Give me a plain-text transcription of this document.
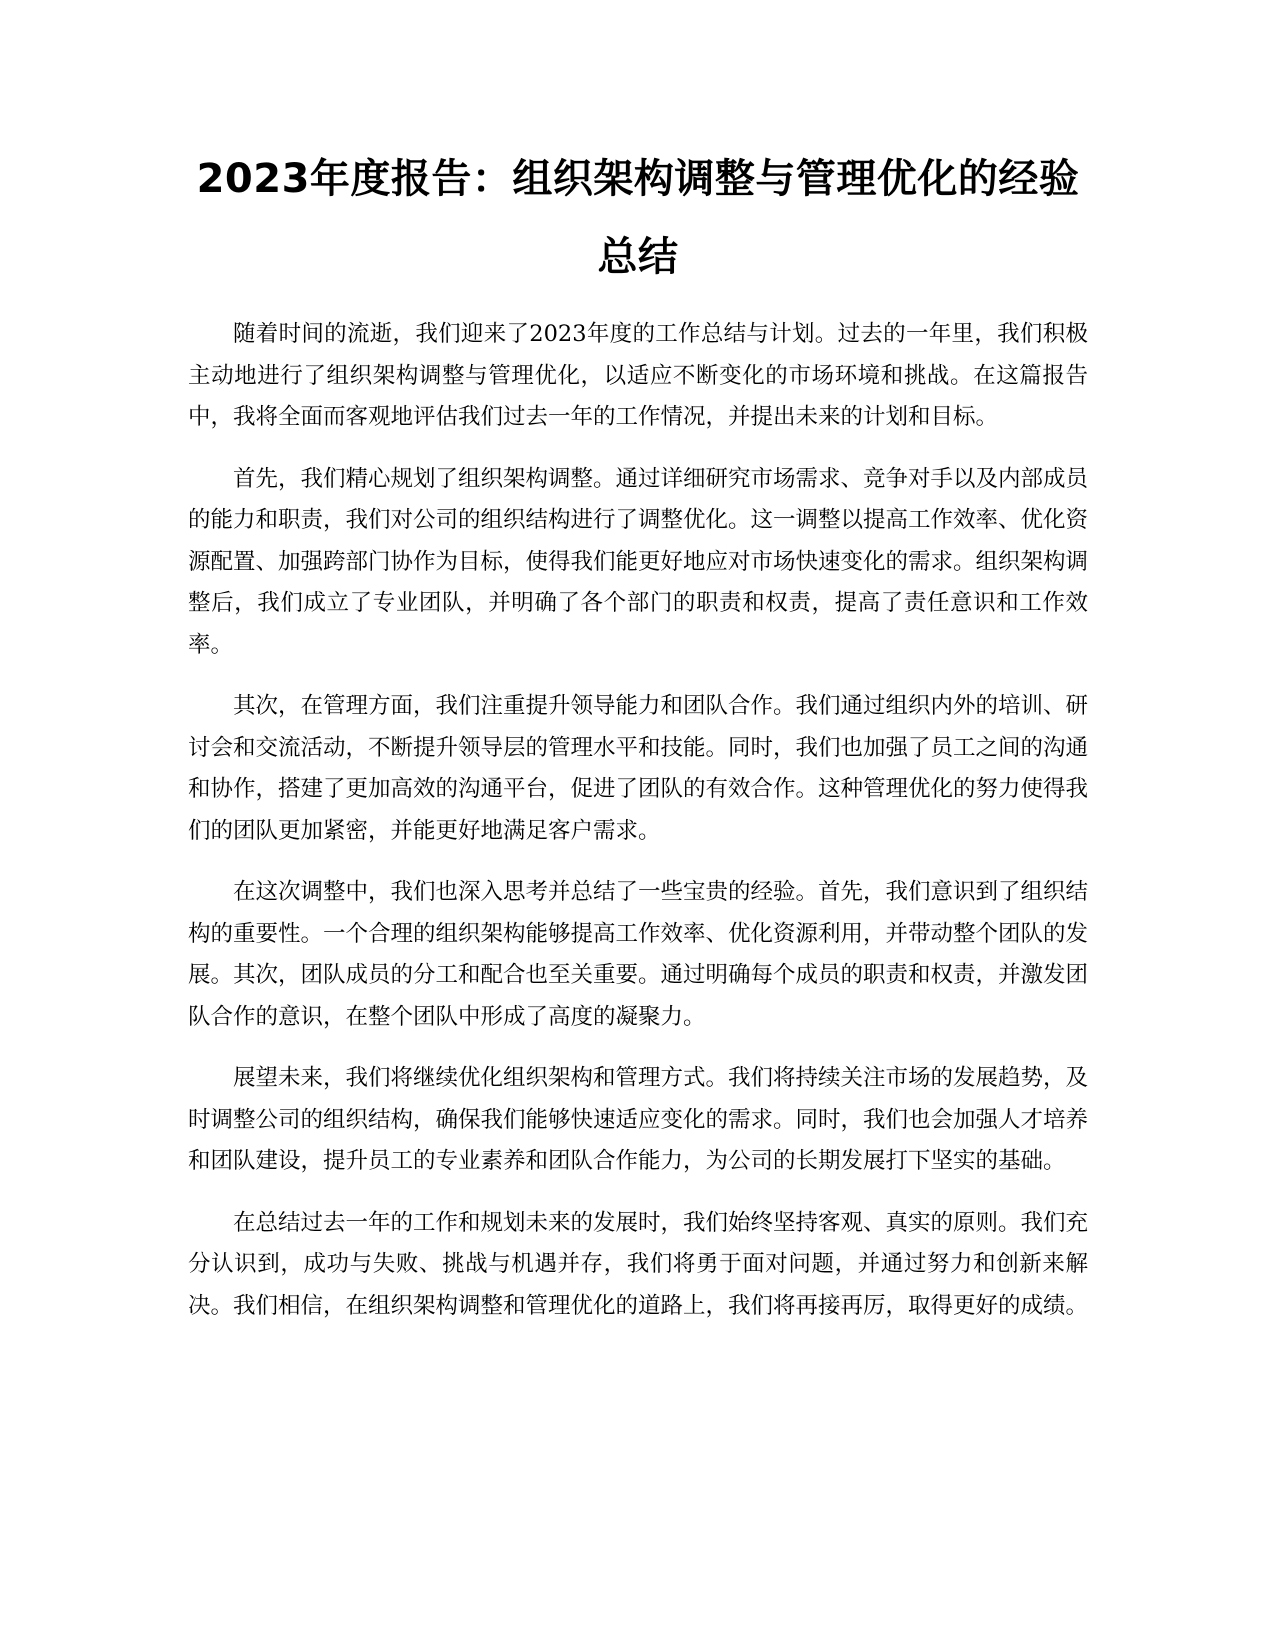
2023年度报告：组织架构调整与管理优化的经验总结

随着时间的流逝，我们迎来了2023年度的工作总结与计划。过去的一年里，我们积极主动地进行了组织架构调整与管理优化，以适应不断变化的市场环境和挑战。在这篇报告中，我将全面而客观地评估我们过去一年的工作情况，并提出未来的计划和目标。

首先，我们精心规划了组织架构调整。通过详细研究市场需求、竞争对手以及内部成员的能力和职责，我们对公司的组织结构进行了调整优化。这一调整以提高工作效率、优化资源配置、加强跨部门协作为目标，使得我们能更好地应对市场快速变化的需求。组织架构调整后，我们成立了专业团队，并明确了各个部门的职责和权责，提高了责任意识和工作效率。

其次，在管理方面，我们注重提升领导能力和团队合作。我们通过组织内外的培训、研讨会和交流活动，不断提升领导层的管理水平和技能。同时，我们也加强了员工之间的沟通和协作，搭建了更加高效的沟通平台，促进了团队的有效合作。这种管理优化的努力使得我们的团队更加紧密，并能更好地满足客户需求。

在这次调整中，我们也深入思考并总结了一些宝贵的经验。首先，我们意识到了组织结构的重要性。一个合理的组织架构能够提高工作效率、优化资源利用，并带动整个团队的发展。其次，团队成员的分工和配合也至关重要。通过明确每个成员的职责和权责，并激发团队合作的意识，在整个团队中形成了高度的凝聚力。

展望未来，我们将继续优化组织架构和管理方式。我们将持续关注市场的发展趋势，及时调整公司的组织结构，确保我们能够快速适应变化的需求。同时，我们也会加强人才培养和团队建设，提升员工的专业素养和团队合作能力，为公司的长期发展打下坚实的基础。

在总结过去一年的工作和规划未来的发展时，我们始终坚持客观、真实的原则。我们充分认识到，成功与失败、挑战与机遇并存，我们将勇于面对问题，并通过努力和创新来解决。我们相信，在组织架构调整和管理优化的道路上，我们将再接再厉，取得更好的成绩。
